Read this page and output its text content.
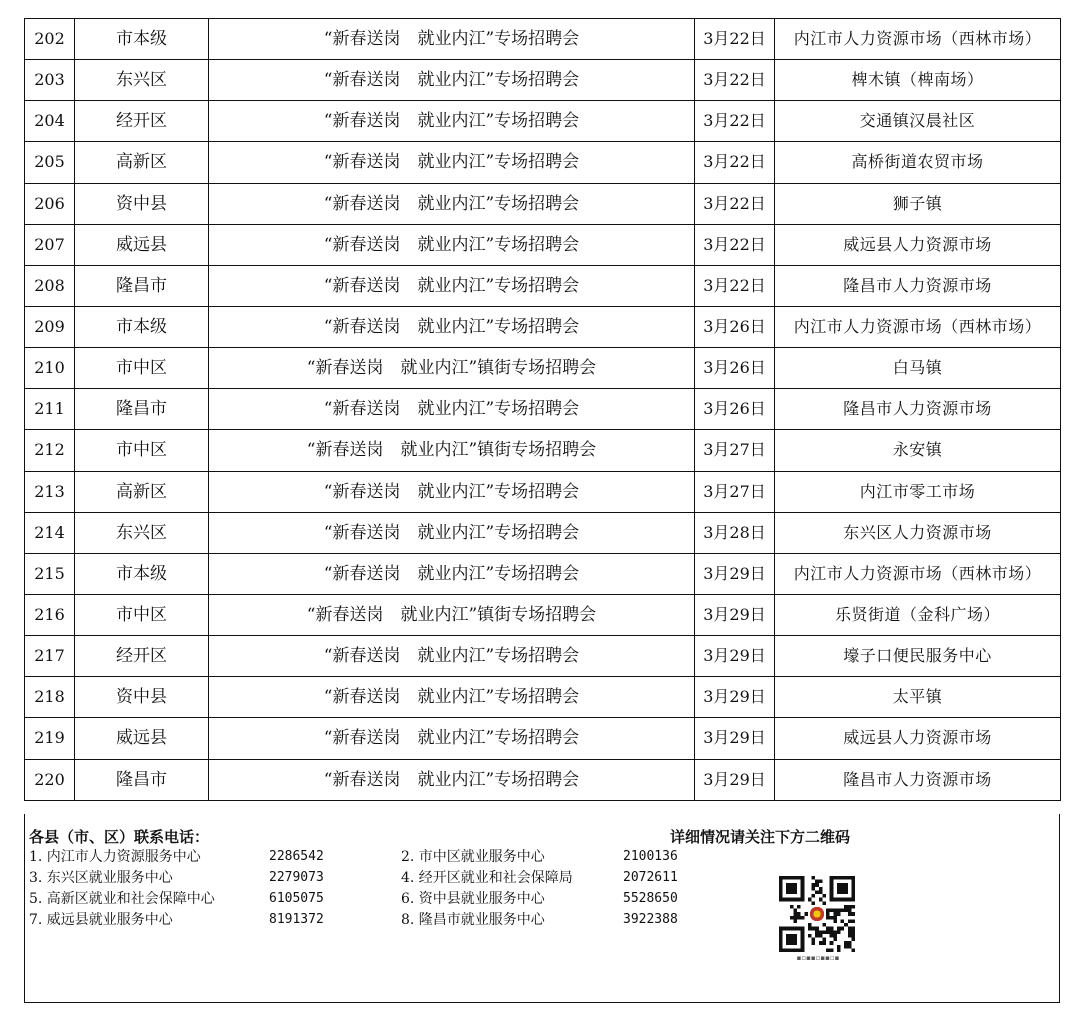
202	市本级	“新春送岗　就业内江”专场招聘会	3月22日	内江市人力资源市场（西林市场）
203	东兴区	“新春送岗　就业内江”专场招聘会	3月22日	椑木镇（椑南场）
204	经开区	“新春送岗　就业内江”专场招聘会	3月22日	交通镇汉晨社区
205	高新区	“新春送岗　就业内江”专场招聘会	3月22日	高桥街道农贸市场
206	资中县	“新春送岗　就业内江”专场招聘会	3月22日	狮子镇
207	威远县	“新春送岗　就业内江”专场招聘会	3月22日	威远县人力资源市场
208	隆昌市	“新春送岗　就业内江”专场招聘会	3月22日	隆昌市人力资源市场
209	市本级	“新春送岗　就业内江”专场招聘会	3月26日	内江市人力资源市场（西林市场）
210	市中区	“新春送岗　就业内江”镇街专场招聘会	3月26日	白马镇
211	隆昌市	“新春送岗　就业内江”专场招聘会	3月26日	隆昌市人力资源市场
212	市中区	“新春送岗　就业内江”镇街专场招聘会	3月27日	永安镇
213	高新区	“新春送岗　就业内江”专场招聘会	3月27日	内江市零工市场
214	东兴区	“新春送岗　就业内江”专场招聘会	3月28日	东兴区人力资源市场
215	市本级	“新春送岗　就业内江”专场招聘会	3月29日	内江市人力资源市场（西林市场）
216	市中区	“新春送岗　就业内江”镇街专场招聘会	3月29日	乐贤街道（金科广场）
217	经开区	“新春送岗　就业内江”专场招聘会	3月29日	壕子口便民服务中心
218	资中县	“新春送岗　就业内江”专场招聘会	3月29日	太平镇
219	威远县	“新春送岗　就业内江”专场招聘会	3月29日	威远县人力资源市场
220	隆昌市	“新春送岗　就业内江”专场招聘会	3月29日	隆昌市人力资源市场
各县（市、区）联系电话：	详细情况请关注下方二维码
1. 内江市人力资源服务中心	2286542	2. 市中区就业服务中心	2100136
3. 东兴区就业服务中心	2279073	4. 经开区就业和社会保障局	2072611
5. 高新区就业和社会保障中心	6105075	6. 资中县就业服务中心	5528650
7. 威远县就业服务中心	8191372	8. 隆昌市就业服务中心	3922388
▪▫▪▪▫▪▪▫▪
